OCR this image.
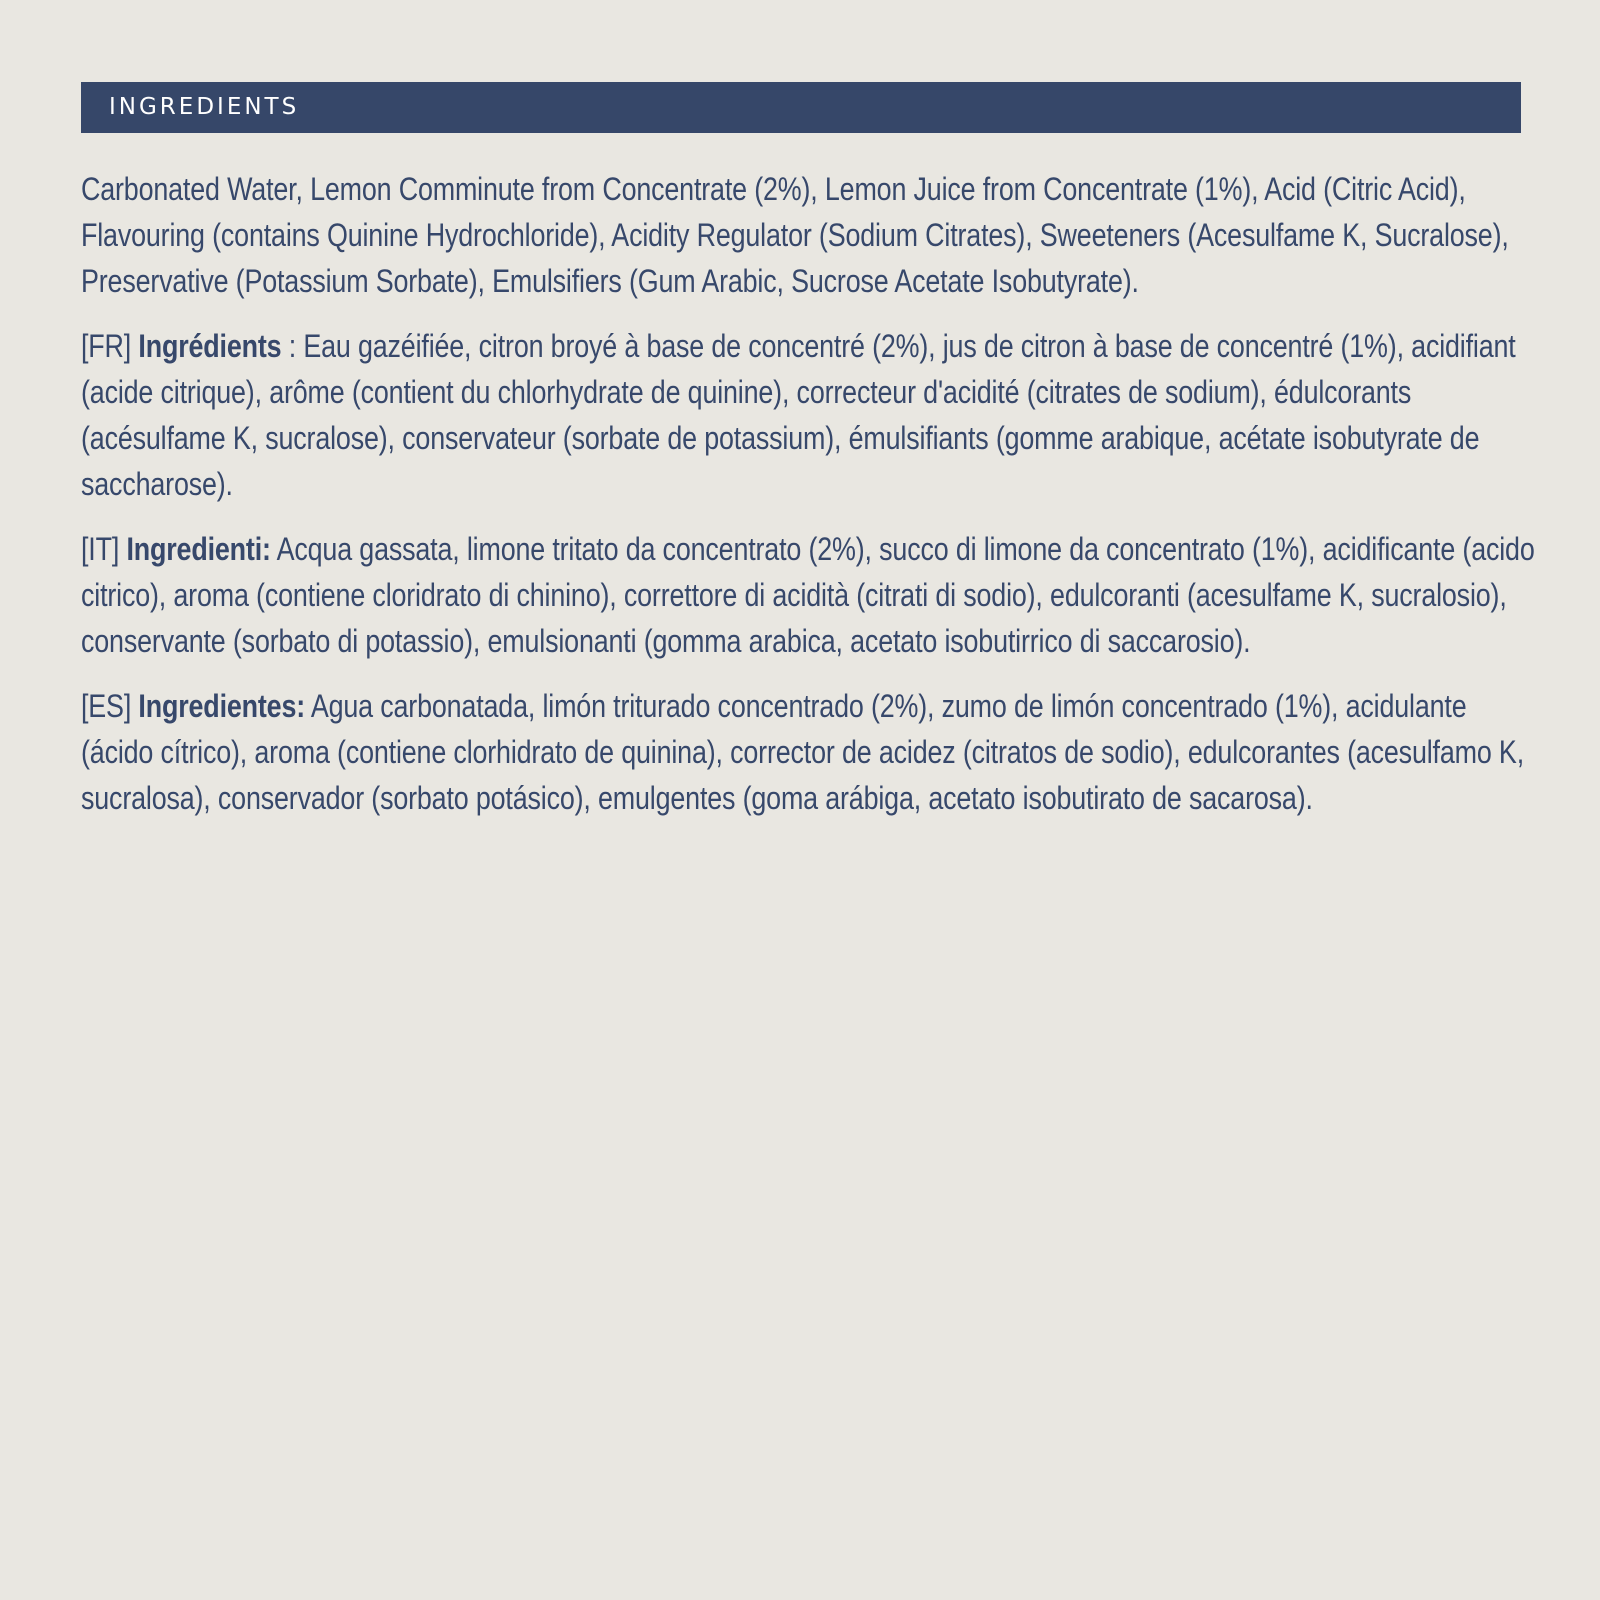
INGREDIENTS

Carbonated Water, Lemon Comminute from Concentrate (2%), Lemon Juice from Concentrate (1%), Acid (Citric Acid), Flavouring (contains Quinine Hydrochloride), Acidity Regulator (Sodium Citrates), Sweeteners (Acesulfame K, Sucralose), Preservative (Potassium Sorbate), Emulsifiers (Gum Arabic, Sucrose Acetate Isobutyrate).

[FR] Ingrédients : Eau gazéifiée, citron broyé à base de concentré (2%), jus de citron à base de concentré (1%), acidifiant (acide citrique), arôme (contient du chlorhydrate de quinine), correcteur d'acidité (citrates de sodium), édulcorants (acésulfame K, sucralose), conservateur (sorbate de potassium), émulsifiants (gomme arabique, acétate isobutyrate de saccharose).

[IT] Ingredienti: Acqua gassata, limone tritato da concentrato (2%), succo di limone da concentrato (1%), acidificante (acido citrico), aroma (contiene cloridrato di chinino), correttore di acidità (citrati di sodio), edulcoranti (acesulfame K, sucralosio), conservante (sorbato di potassio), emulsionanti (gomma arabica, acetato isobutirrico di saccarosio).

[ES] Ingredientes: Agua carbonatada, limón triturado concentrado (2%), zumo de limón concentrado (1%), acidulante (ácido cítrico), aroma (contiene clorhidrato de quinina), corrector de acidez (citratos de sodio), edulcorantes (acesulfamo K, sucralosa), conservador (sorbato potásico), emulgentes (goma arábiga, acetato isobutirato de sacarosa).
